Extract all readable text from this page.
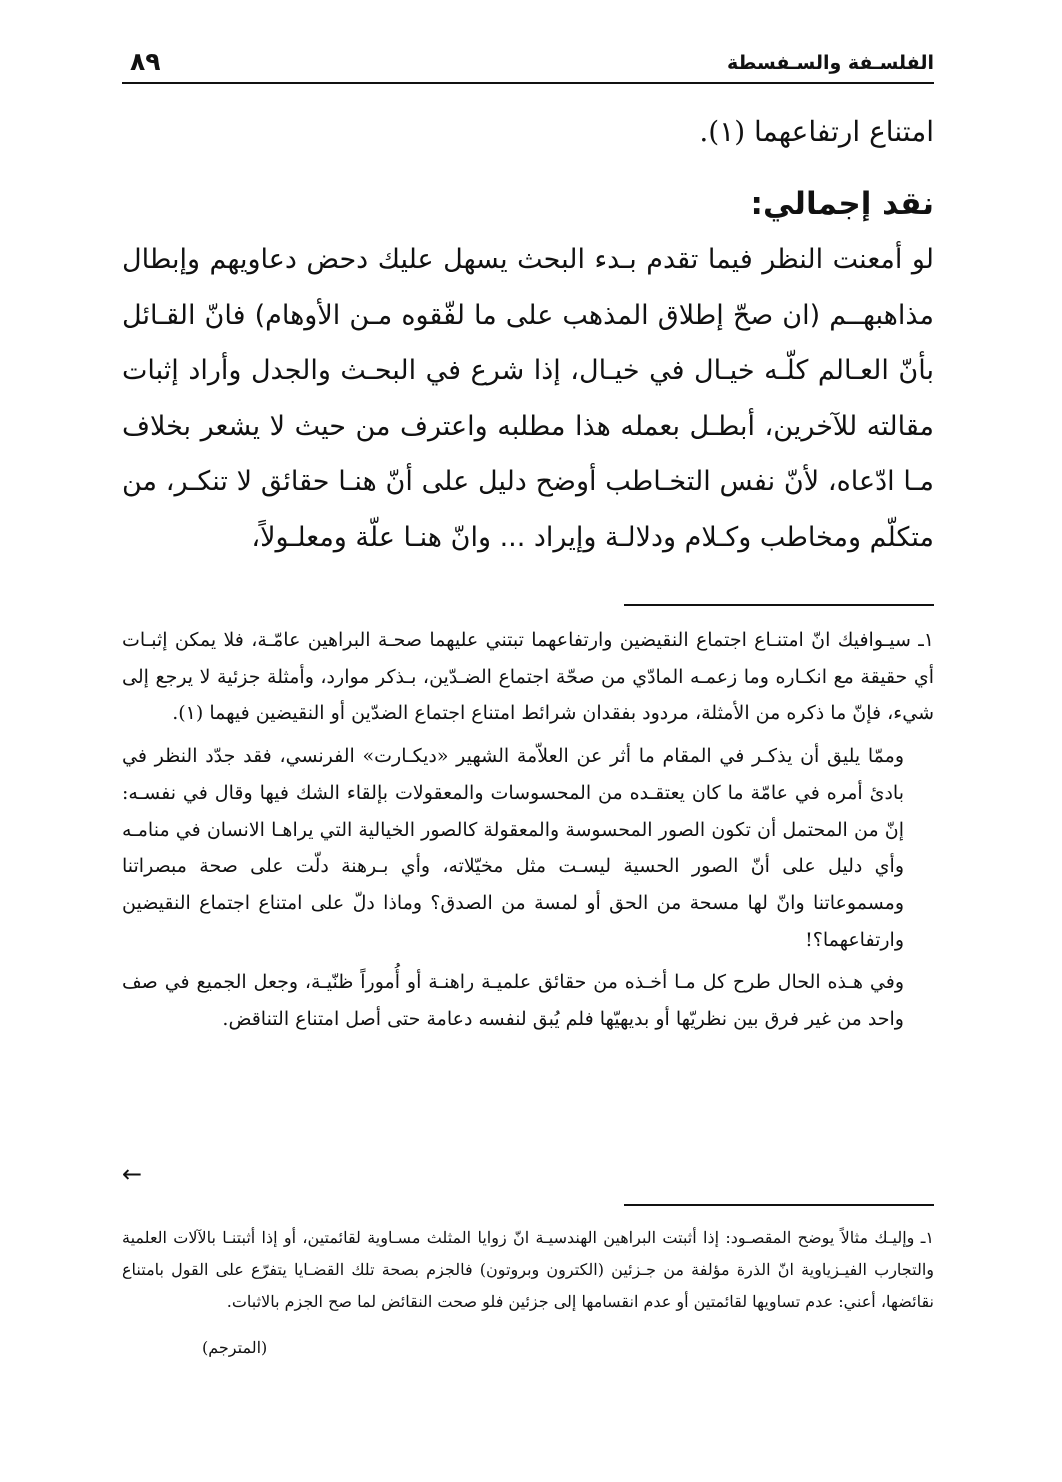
الفلسـفة والسـفسطة
٨٩

امتناع ارتفاعهما (١).

نقد إجمالي:

لو أمعنت النظر فيما تقدم بـدء البحث يسهل عليك دحض دعاويهم وإبطال مذاهبهــم (ان صحّ إطلاق المذهب على ما لفّقوه مـن الأوهام) فانّ القـائل بأنّ العـالم كلّـه خيـال في خيـال، إذا شرع في البحـث والجدل وأراد إثبات مقالته للآخرين، أبطـل بعمله هذا مطلبه واعترف من حيث لا يشعر بخلاف مـا ادّعاه، لأنّ نفس التخـاطب أوضح دليل على أنّ هنـا حقائق لا تنكـر، من متكلّم ومخاطب وكـلام ودلالـة وإيراد ... وانّ هنـا علّة ومعلـولاً،

١ـ سيـوافيك انّ امتنـاع اجتماع النقيضين وارتفاعهما تبتني عليهما صحـة البراهين عامّـة، فلا يمكن إثبـات أي حقيقة مع انكـاره وما زعمـه المادّي من صحّة اجتماع الضـدّين، بـذكر موارد، وأمثلة جزئية لا يرجع إلى شيء، فإنّ ما ذكره من الأمثلة، مردود بفقدان شرائط امتناع اجتماع الضدّين أو النقيضين فيهما (١).

وممّا يليق أن يذكـر في المقام ما أثر عن العلاّمة الشهير «ديكـارت» الفرنسي، فقد جدّد النظر في بادئ أمره في عامّة ما كان يعتقـده من المحسوسات والمعقولات بإلقاء الشك فيها وقال في نفسـه: إنّ من المحتمل أن تكون الصور المحسوسة والمعقولة كالصور الخيالية التي يراهـا الانسان في منامـه وأي دليل على أنّ الصور الحسية ليسـت مثل مخيّلاته، وأي بـرهنة دلّت على صحة مبصراتنا ومسموعاتنا وانّ لها مسحة من الحق أو لمسة من الصدق؟ وماذا دلّ على امتناع اجتماع النقيضين وارتفاعهما؟!

وفي هـذه الحال طرح كل مـا أخـذه من حقائق علميـة راهنـة أو أُموراً ظنّيـة، وجعل الجميع في صف واحد من غير فرق بين نظريّها أو بديهيّها فلم يُبق لنفسه دعامة حتى أصل امتناع التناقض.

←

١ـ وإليـك مثالاً يوضح المقصـود: إذا أثبتت البراهين الهندسيـة انّ زوايا المثلث مسـاوية لقائمتين، أو إذا أثبتنـا بالآلات العلمية والتجارب الفيـزياوية انّ الذرة مؤلفة من جـزئين (الكترون وبروتون) فالجزم بصحة تلك القضـايا يتفرّع على القول بامتناع نقائضها، أعني: عدم تساويها لقائمتين أو عدم انقسامها إلى جزئين فلو صحت النقائض لما صح الجزم بالاثبات.

(المترجم)
